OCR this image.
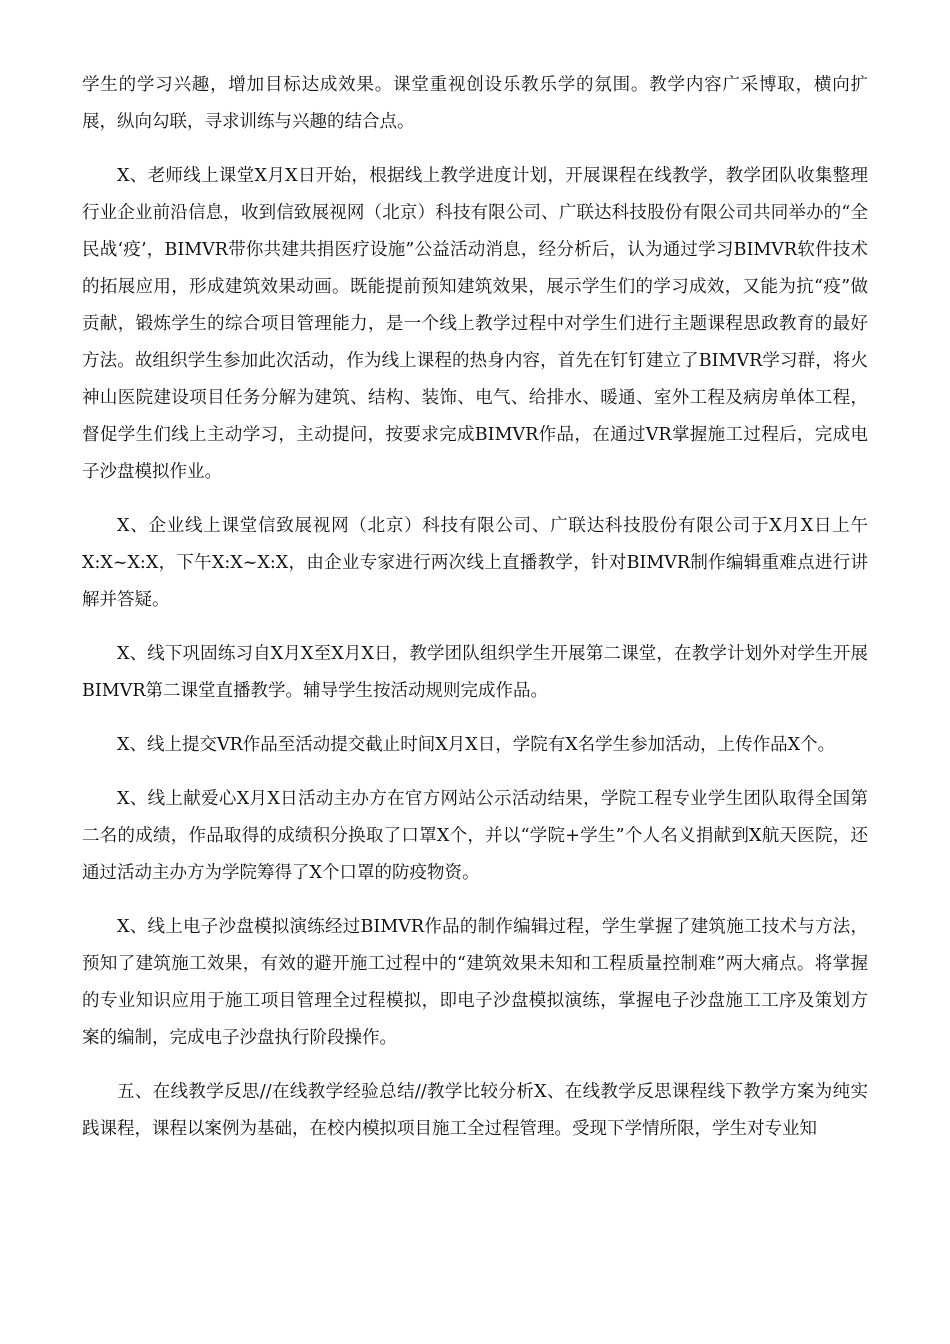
学生的学习兴趣，增加目标达成效果。课堂重视创设乐教乐学的氛围。教学内容广采博取，横向扩展，纵向勾联，寻求训练与兴趣的结合点。

X、老师线上课堂X月X日开始，根据线上教学进度计划，开展课程在线教学，教学团队收集整理行业企业前沿信息，收到信致展视网（北京）科技有限公司、广联达科技股份有限公司共同举办的“全民战‘疫’，BIMVR带你共建共捐医疗设施”公益活动消息，经分析后，认为通过学习BIMVR软件技术的拓展应用，形成建筑效果动画。既能提前预知建筑效果，展示学生们的学习成效，又能为抗“疫”做贡献，锻炼学生的综合项目管理能力，是一个线上教学过程中对学生们进行主题课程思政教育的最好方法。故组织学生参加此次活动，作为线上课程的热身内容，首先在钉钉建立了BIMVR学习群，将火神山医院建设项目任务分解为建筑、结构、装饰、电气、给排水、暖通、室外工程及病房单体工程，督促学生们线上主动学习，主动提问，按要求完成BIMVR作品，在通过VR掌握施工过程后，完成电子沙盘模拟作业。

X、企业线上课堂信致展视网（北京）科技有限公司、广联达科技股份有限公司于X月X日上午X:X~X:X，下午X:X~X:X，由企业专家进行两次线上直播教学，针对BIMVR制作编辑重难点进行讲解并答疑。

X、线下巩固练习自X月X至X月X日，教学团队组织学生开展第二课堂，在教学计划外对学生开展BIMVR第二课堂直播教学。辅导学生按活动规则完成作品。

X、线上提交VR作品至活动提交截止时间X月X日，学院有X名学生参加活动，上传作品X个。

X、线上献爱心X月X日活动主办方在官方网站公示活动结果，学院工程专业学生团队取得全国第二名的成绩，作品取得的成绩积分换取了口罩X个，并以“学院+学生”个人名义捐献到X航天医院，还通过活动主办方为学院筹得了X个口罩的防疫物资。

X、线上电子沙盘模拟演练经过BIMVR作品的制作编辑过程，学生掌握了建筑施工技术与方法，预知了建筑施工效果，有效的避开施工过程中的“建筑效果未知和工程质量控制难”两大痛点。将掌握的专业知识应用于施工项目管理全过程模拟，即电子沙盘模拟演练，掌握电子沙盘施工工序及策划方案的编制，完成电子沙盘执行阶段操作。

五、在线教学反思//在线教学经验总结//教学比较分析X、在线教学反思课程线下教学方案为纯实践课程，课程以案例为基础，在校内模拟项目施工全过程管理。受现下学情所限，学生对专业知
